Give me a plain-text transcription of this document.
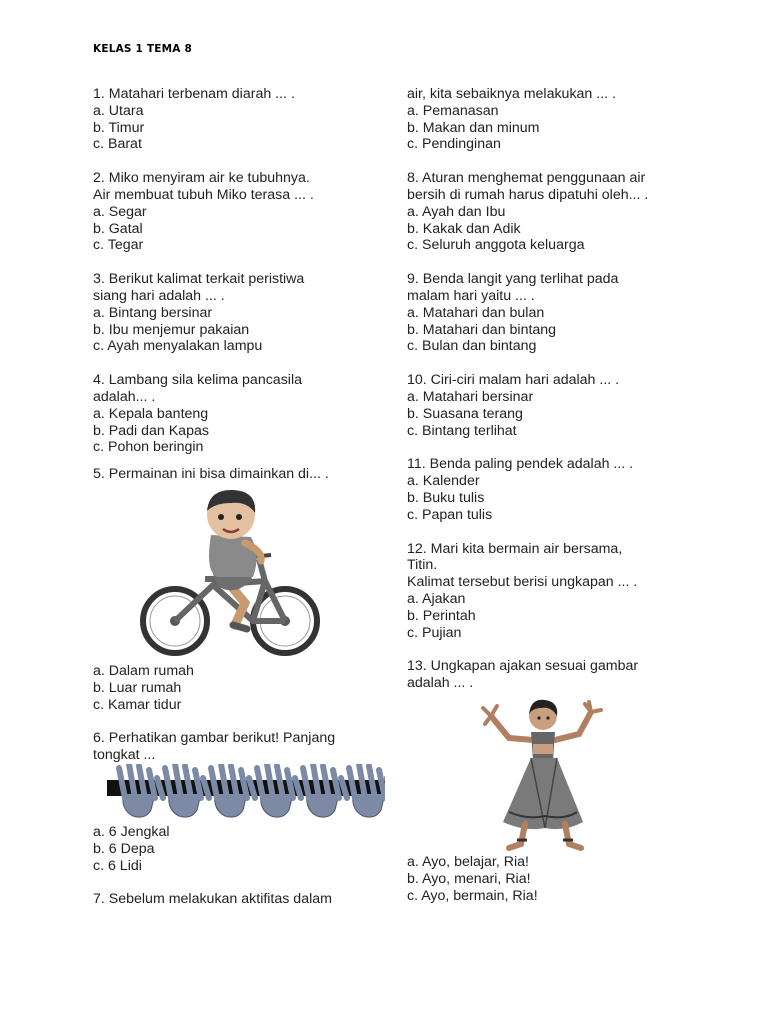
KELAS 1 TEMA 8
1. Matahari terbenam diarah ... .
a. Utara
b. Timur
c. Barat
2. Miko menyiram air ke tubuhnya.
Air membuat tubuh Miko terasa ... .
a. Segar
b. Gatal
c. Tegar
3. Berikut kalimat terkait peristiwa
siang hari adalah ... .
a. Bintang bersinar
b. Ibu menjemur pakaian
c. Ayah menyalakan lampu
4. Lambang sila kelima pancasila
adalah... .
a. Kepala banteng
b. Padi dan Kapas
c. Pohon beringin
5. Permainan ini bisa dimainkan di... .
a. Dalam rumah
b. Luar rumah
c. Kamar tidur
6. Perhatikan gambar berikut! Panjang
tongkat ...
a. 6 Jengkal
b. 6 Depa
c. 6 Lidi
7. Sebelum melakukan aktifitas dalam
air, kita sebaiknya melakukan ... .
a. Pemanasan
b. Makan dan minum
c. Pendinginan
8. Aturan menghemat penggunaan air
bersih di rumah harus dipatuhi oleh... .
a. Ayah dan Ibu
b. Kakak dan Adik
c. Seluruh anggota keluarga
9. Benda langit yang terlihat pada
malam hari yaitu ... .
a. Matahari dan bulan
b. Matahari dan bintang
c. Bulan dan bintang
10. Ciri-ciri malam hari adalah ... .
a. Matahari bersinar
b. Suasana terang
c. Bintang terlihat
11. Benda paling pendek adalah ... .
a. Kalender
b. Buku tulis
c. Papan tulis
12. Mari kita bermain air bersama,
Titin.
Kalimat tersebut berisi ungkapan ... .
a. Ajakan
b. Perintah
c. Pujian
13. Ungkapan ajakan sesuai gambar
adalah ... .
a. Ayo, belajar, Ria!
b. Ayo, menari, Ria!
c. Ayo, bermain, Ria!
